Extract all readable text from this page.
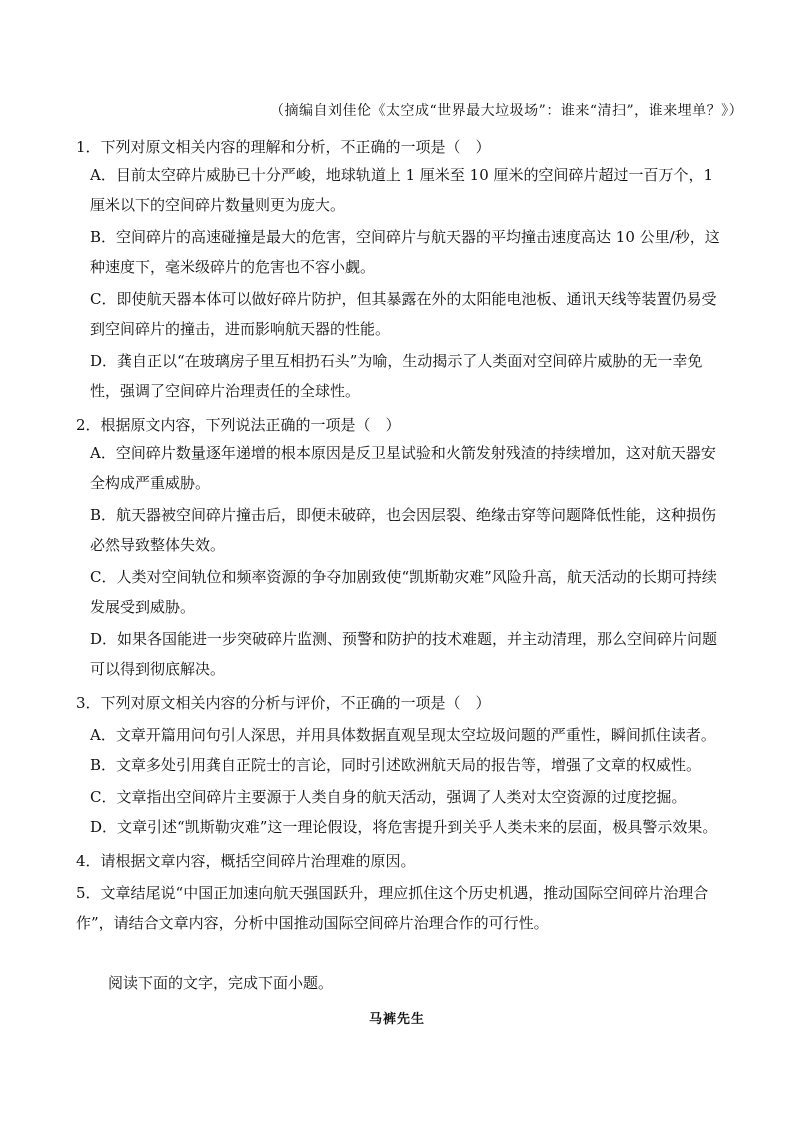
（摘编自刘佳伦《太空成“世界最大垃圾场”：谁来“清扫”，谁来埋单？》）
1．下列对原文相关内容的理解和分析，不正确的一项是（　）
A．目前太空碎片威胁已十分严峻，地球轨道上 1 厘米至 10 厘米的空间碎片超过一百万个，1 厘米以下的空间碎片数量则更为庞大。
B．空间碎片的高速碰撞是最大的危害，空间碎片与航天器的平均撞击速度高达 10 公里/秒，这种速度下，毫米级碎片的危害也不容小觑。
C．即使航天器本体可以做好碎片防护，但其暴露在外的太阳能电池板、通讯天线等装置仍易受到空间碎片的撞击，进而影响航天器的性能。
D．龚自正以“在玻璃房子里互相扔石头”为喻，生动揭示了人类面对空间碎片威胁的无一幸免性，强调了空间碎片治理责任的全球性。
2．根据原文内容，下列说法正确的一项是（　）
A．空间碎片数量逐年递增的根本原因是反卫星试验和火箭发射残渣的持续增加，这对航天器安全构成严重威胁。
B．航天器被空间碎片撞击后，即便未破碎，也会因层裂、绝缘击穿等问题降低性能，这种损伤必然导致整体失效。
C．人类对空间轨位和频率资源的争夺加剧致使“凯斯勒灾难”风险升高，航天活动的长期可持续发展受到威胁。
D．如果各国能进一步突破碎片监测、预警和防护的技术难题，并主动清理，那么空间碎片问题可以得到彻底解决。
3．下列对原文相关内容的分析与评价，不正确的一项是（　）
A．文章开篇用问句引人深思，并用具体数据直观呈现太空垃圾问题的严重性，瞬间抓住读者。
B．文章多处引用龚自正院士的言论，同时引述欧洲航天局的报告等，增强了文章的权威性。
C．文章指出空间碎片主要源于人类自身的航天活动，强调了人类对太空资源的过度挖掘。
D．文章引述“凯斯勒灾难”这一理论假设，将危害提升到关乎人类未来的层面，极具警示效果。
4．请根据文章内容，概括空间碎片治理难的原因。
5．文章结尾说“中国正加速向航天强国跃升，理应抓住这个历史机遇，推动国际空间碎片治理合作”，请结合文章内容，分析中国推动国际空间碎片治理合作的可行性。
阅读下面的文字，完成下面小题。
马裤先生
